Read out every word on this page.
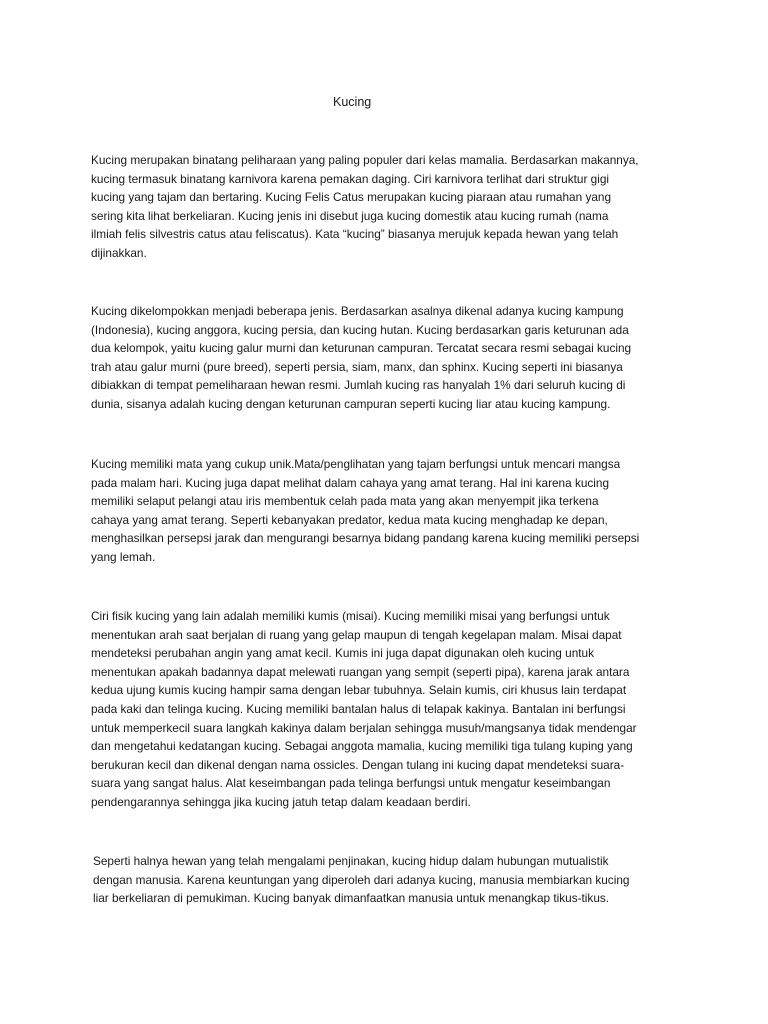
Kucing
Kucing merupakan binatang peliharaan yang paling populer dari kelas mamalia. Berdasarkan makannya,
kucing termasuk binatang karnivora karena pemakan daging. Ciri karnivora terlihat dari struktur gigi
kucing yang tajam dan bertaring. Kucing Felis Catus merupakan kucing piaraan atau rumahan yang
sering kita lihat berkeliaran. Kucing jenis ini disebut juga kucing domestik atau kucing rumah (nama
ilmiah felis silvestris catus atau feliscatus). Kata “kucing” biasanya merujuk kepada hewan yang telah
dijinakkan.
Kucing dikelompokkan menjadi beberapa jenis. Berdasarkan asalnya dikenal adanya kucing kampung
(Indonesia), kucing anggora, kucing persia, dan kucing hutan. Kucing berdasarkan garis keturunan ada
dua kelompok, yaitu kucing galur murni dan keturunan campuran. Tercatat secara resmi sebagai kucing
trah atau galur murni (pure breed), seperti persia, siam, manx, dan sphinx. Kucing seperti ini biasanya
dibiakkan di tempat pemeliharaan hewan resmi. Jumlah kucing ras hanyalah 1% dari seluruh kucing di
dunia, sisanya adalah kucing dengan keturunan campuran seperti kucing liar atau kucing kampung.
Kucing memiliki mata yang cukup unik.Mata/penglihatan yang tajam berfungsi untuk mencari mangsa
pada malam hari. Kucing juga dapat melihat dalam cahaya yang amat terang. Hal ini karena kucing
memiliki selaput pelangi atau iris membentuk celah pada mata yang akan menyempit jika terkena
cahaya yang amat terang. Seperti kebanyakan predator, kedua mata kucing menghadap ke depan,
menghasilkan persepsi jarak dan mengurangi besarnya bidang pandang karena kucing memiliki persepsi
yang lemah.
Ciri fisik kucing yang lain adalah memiliki kumis (misai). Kucing memiliki misai yang berfungsi untuk
menentukan arah saat berjalan di ruang yang gelap maupun di tengah kegelapan malam. Misai dapat
mendeteksi perubahan angin yang amat kecil. Kumis ini juga dapat digunakan oleh kucing untuk
menentukan apakah badannya dapat melewati ruangan yang sempit (seperti pipa), karena jarak antara
kedua ujung kumis kucing hampir sama dengan lebar tubuhnya. Selain kumis, ciri khusus lain terdapat
pada kaki dan telinga kucing. Kucing memiliki bantalan halus di telapak kakinya. Bantalan ini berfungsi
untuk memperkecil suara langkah kakinya dalam berjalan sehingga musuh/mangsanya tidak mendengar
dan mengetahui kedatangan kucing. Sebagai anggota mamalia, kucing memiliki tiga tulang kuping yang
berukuran kecil dan dikenal dengan nama ossicles. Dengan tulang ini kucing dapat mendeteksi suara-
suara yang sangat halus. Alat keseimbangan pada telinga berfungsi untuk mengatur keseimbangan
pendengarannya sehingga jika kucing jatuh tetap dalam keadaan berdiri.
Seperti halnya hewan yang telah mengalami penjinakan, kucing hidup dalam hubungan mutualistik
dengan manusia. Karena keuntungan yang diperoleh dari adanya kucing, manusia membiarkan kucing
liar berkeliaran di pemukiman. Kucing banyak dimanfaatkan manusia untuk menangkap tikus-tikus.
